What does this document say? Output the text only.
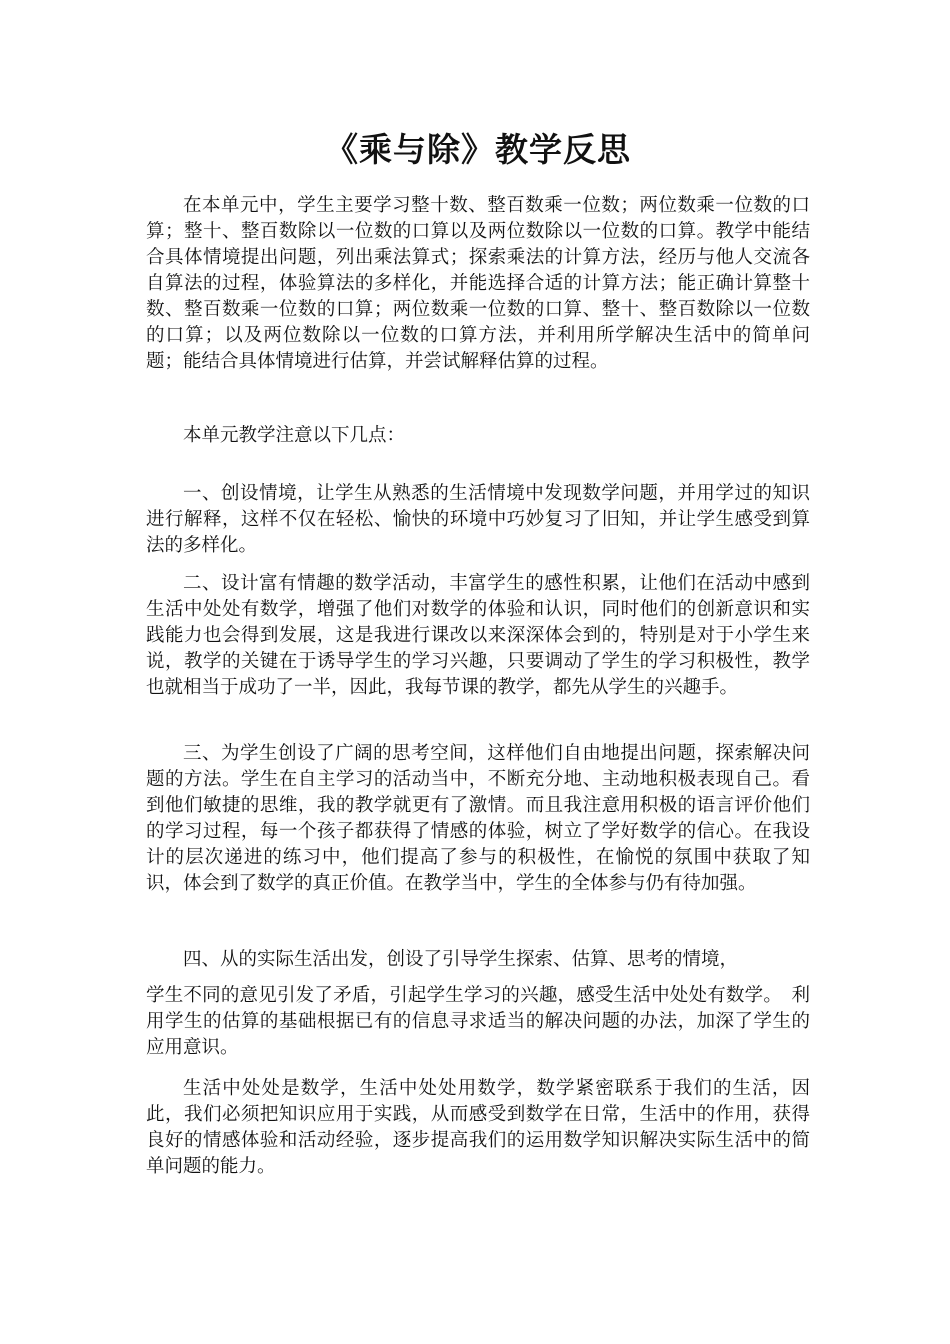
《乘与除》教学反思

在本单元中，学生主要学习整十数、整百数乘一位数；两位数乘一位数的口算；整十、整百数除以一位数的口算以及两位数除以一位数的口算。教学中能结合具体情境提出问题，列出乘法算式；探索乘法的计算方法，经历与他人交流各自算法的过程，体验算法的多样化，并能选择合适的计算方法；能正确计算整十数、整百数乘一位数的口算；两位数乘一位数的口算、整十、整百数除以一位数的口算；以及两位数除以一位数的口算方法，并利用所学解决生活中的简单问题；能结合具体情境进行估算，并尝试解释估算的过程。

本单元教学注意以下几点：

一、创设情境，让学生从熟悉的生活情境中发现数学问题，并用学过的知识进行解释，这样不仅在轻松、愉快的环境中巧妙复习了旧知，并让学生感受到算法的多样化。

二、设计富有情趣的数学活动，丰富学生的感性积累，让他们在活动中感到生活中处处有数学，增强了他们对数学的体验和认识，同时他们的创新意识和实践能力也会得到发展，这是我进行课改以来深深体会到的，特别是对于小学生来说，教学的关键在于诱导学生的学习兴趣，只要调动了学生的学习积极性，教学也就相当于成功了一半，因此，我每节课的教学，都先从学生的兴趣手。

三、为学生创设了广阔的思考空间，这样他们自由地提出问题，探索解决问题的方法。学生在自主学习的活动当中，不断充分地、主动地积极表现自己。看到他们敏捷的思维，我的教学就更有了激情。而且我注意用积极的语言评价他们的学习过程，每一个孩子都获得了情感的体验，树立了学好数学的信心。在我设计的层次递进的练习中，他们提高了参与的积极性，在愉悦的氛围中获取了知识，体会到了数学的真正价值。在教学当中，学生的全体参与仍有待加强。

四、从的实际生活出发，创设了引导学生探索、估算、思考的情境，
学生不同的意见引发了矛盾，引起学生学习的兴趣，感受生活中处处有数学。　利用学生的估算的基础根据已有的信息寻求适当的解决问题的办法，加深了学生的应用意识。

生活中处处是数学，生活中处处用数学，数学紧密联系于我们的生活，因此，我们必须把知识应用于实践，从而感受到数学在日常，生活中的作用，获得良好的情感体验和活动经验，逐步提高我们的运用数学知识解决实际生活中的简单问题的能力。
